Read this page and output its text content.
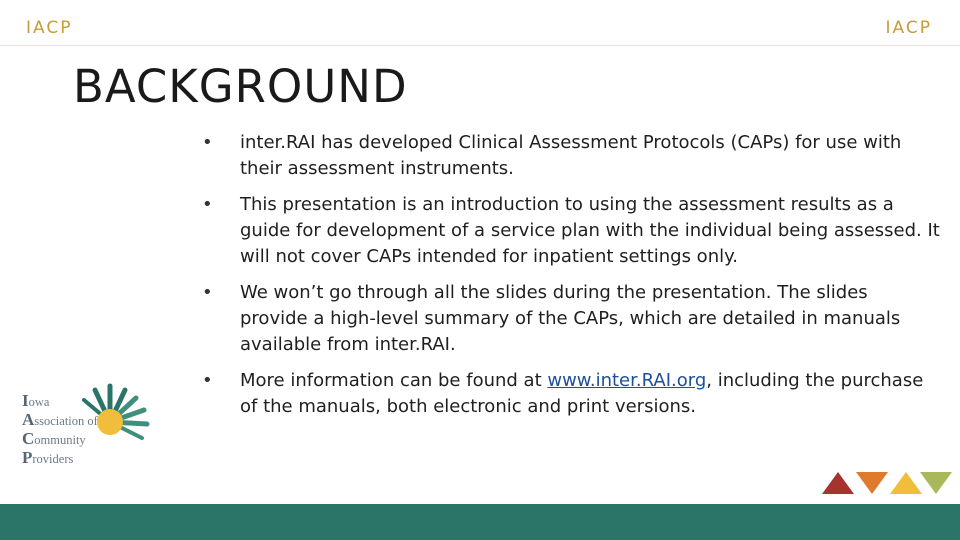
IACP	IACP
BACKGROUND
• inter.RAI has developed Clinical Assessment Protocols (CAPs) for use with their assessment instruments.
• This presentation is an introduction to using the assessment results as a guide for development of a service plan with the individual being assessed. It will not cover CAPs intended for inpatient settings only.
• We won’t go through all the slides during the presentation. The slides provide a high-level summary of the CAPs, which are detailed in manuals available from inter.RAI.
• More information can be found at www.inter.RAI.org, including the purchase of the manuals, both electronic and print versions.
Iowa
Association of
Community
Providers
